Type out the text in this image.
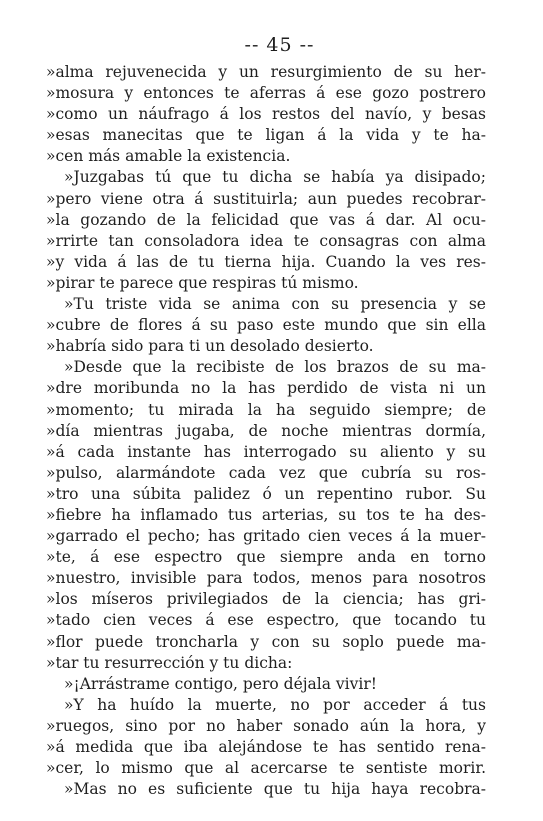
-- 45 --
»alma rejuvenecida y un resurgimiento de su her-
»mosura y entonces te aferras á ese gozo postrero
»como un náufrago á los restos del navío, y besas
»esas manecitas que te ligan á la vida y te ha-
»cen más amable la existencia.
»Juzgabas tú que tu dicha se había ya disipado;
»pero viene otra á sustituirla; aun puedes recobrar-
»la gozando de la felicidad que vas á dar. Al ocu-
»rrirte tan consoladora idea te consagras con alma
»y vida á las de tu tierna hija. Cuando la ves res-
»pirar te parece que respiras tú mismo.
»Tu triste vida se anima con su presencia y se
»cubre de flores á su paso este mundo que sin ella
»habría sido para ti un desolado desierto.
»Desde que la recibiste de los brazos de su ma-
»dre moribunda no la has perdido de vista ni un
»momento; tu mirada la ha seguido siempre; de
»día mientras jugaba, de noche mientras dormía,
»á cada instante has interrogado su aliento y su
»pulso, alarmándote cada vez que cubría su ros-
»tro una súbita palidez ó un repentino rubor. Su
»fiebre ha inflamado tus arterias, su tos te ha des-
»garrado el pecho; has gritado cien veces á la muer-
»te, á ese espectro que siempre anda en torno
»nuestro, invisible para todos, menos para nosotros
»los míseros privilegiados de la ciencia; has gri-
»tado cien veces á ese espectro, que tocando tu
»flor puede troncharla y con su soplo puede ma-
»tar tu resurrección y tu dicha:
»¡Arrástrame contigo, pero déjala vivir!
»Y ha huído la muerte, no por acceder á tus
»ruegos, sino por no haber sonado aún la hora, y
»á medida que iba alejándose te has sentido rena-
»cer, lo mismo que al acercarse te sentiste morir.
»Mas no es suficiente que tu hija haya recobra-
